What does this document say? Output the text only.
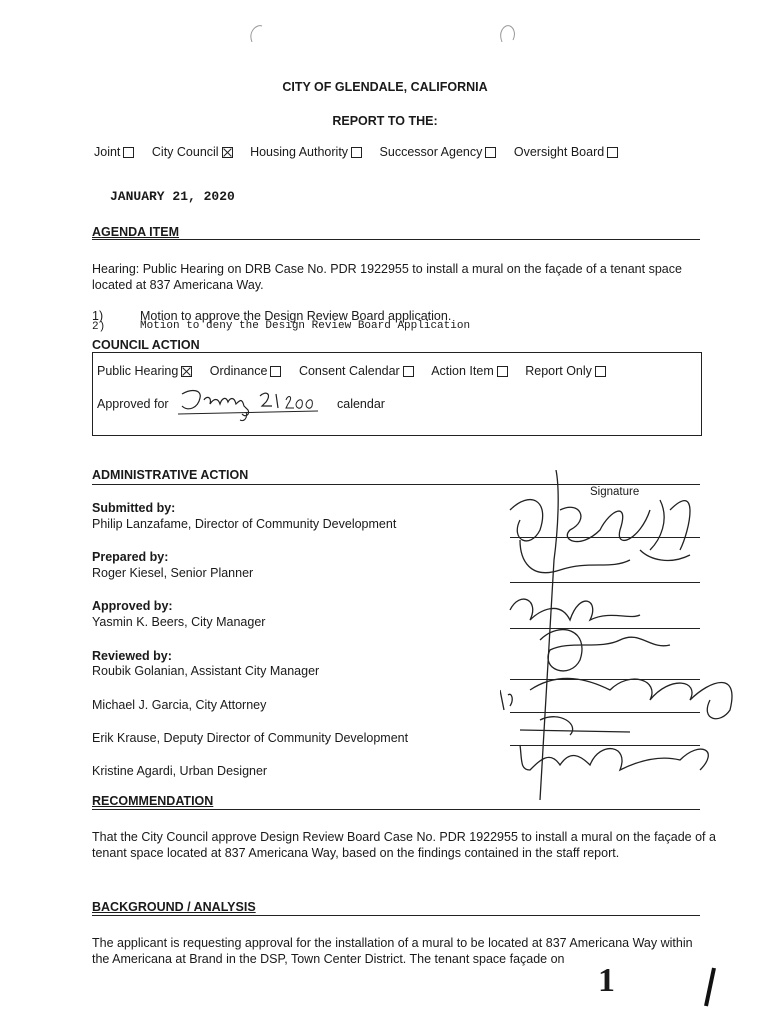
CITY OF GLENDALE, CALIFORNIA
REPORT TO THE:
Joint	City Council	Housing Authority	Successor Agency	Oversight Board
JANUARY 21, 2020
AGENDA ITEM
Hearing: Public Hearing on DRB Case No. PDR 1922955 to install a mural on the façade of a tenant space located at 837 Americana Way.
1)	Motion to approve the Design Review Board application.
2)	Motion to deny the Design Review Board Application
COUNCIL ACTION
Public Hearing	Ordinance	Consent Calendar	Action Item	Report Only
Approved for	calendar
ADMINISTRATIVE ACTION
Signature
Submitted by:
Philip Lanzafame, Director of Community Development
Prepared by:
Roger Kiesel, Senior Planner
Approved by:
Yasmin K. Beers, City Manager
Reviewed by:
Roubik Golanian, Assistant City Manager
Michael J. Garcia, City Attorney
Erik Krause, Deputy Director of Community Development
Kristine Agardi, Urban Designer
RECOMMENDATION
That the City Council approve Design Review Board Case No. PDR 1922955 to install a mural on the façade of a tenant space located at 837 Americana Way, based on the findings contained in the staff report.
BACKGROUND / ANALYSIS
The applicant is requesting approval for the installation of a mural to be located at 837 Americana Way within the Americana at Brand in the DSP, Town Center District. The tenant space façade on
1
